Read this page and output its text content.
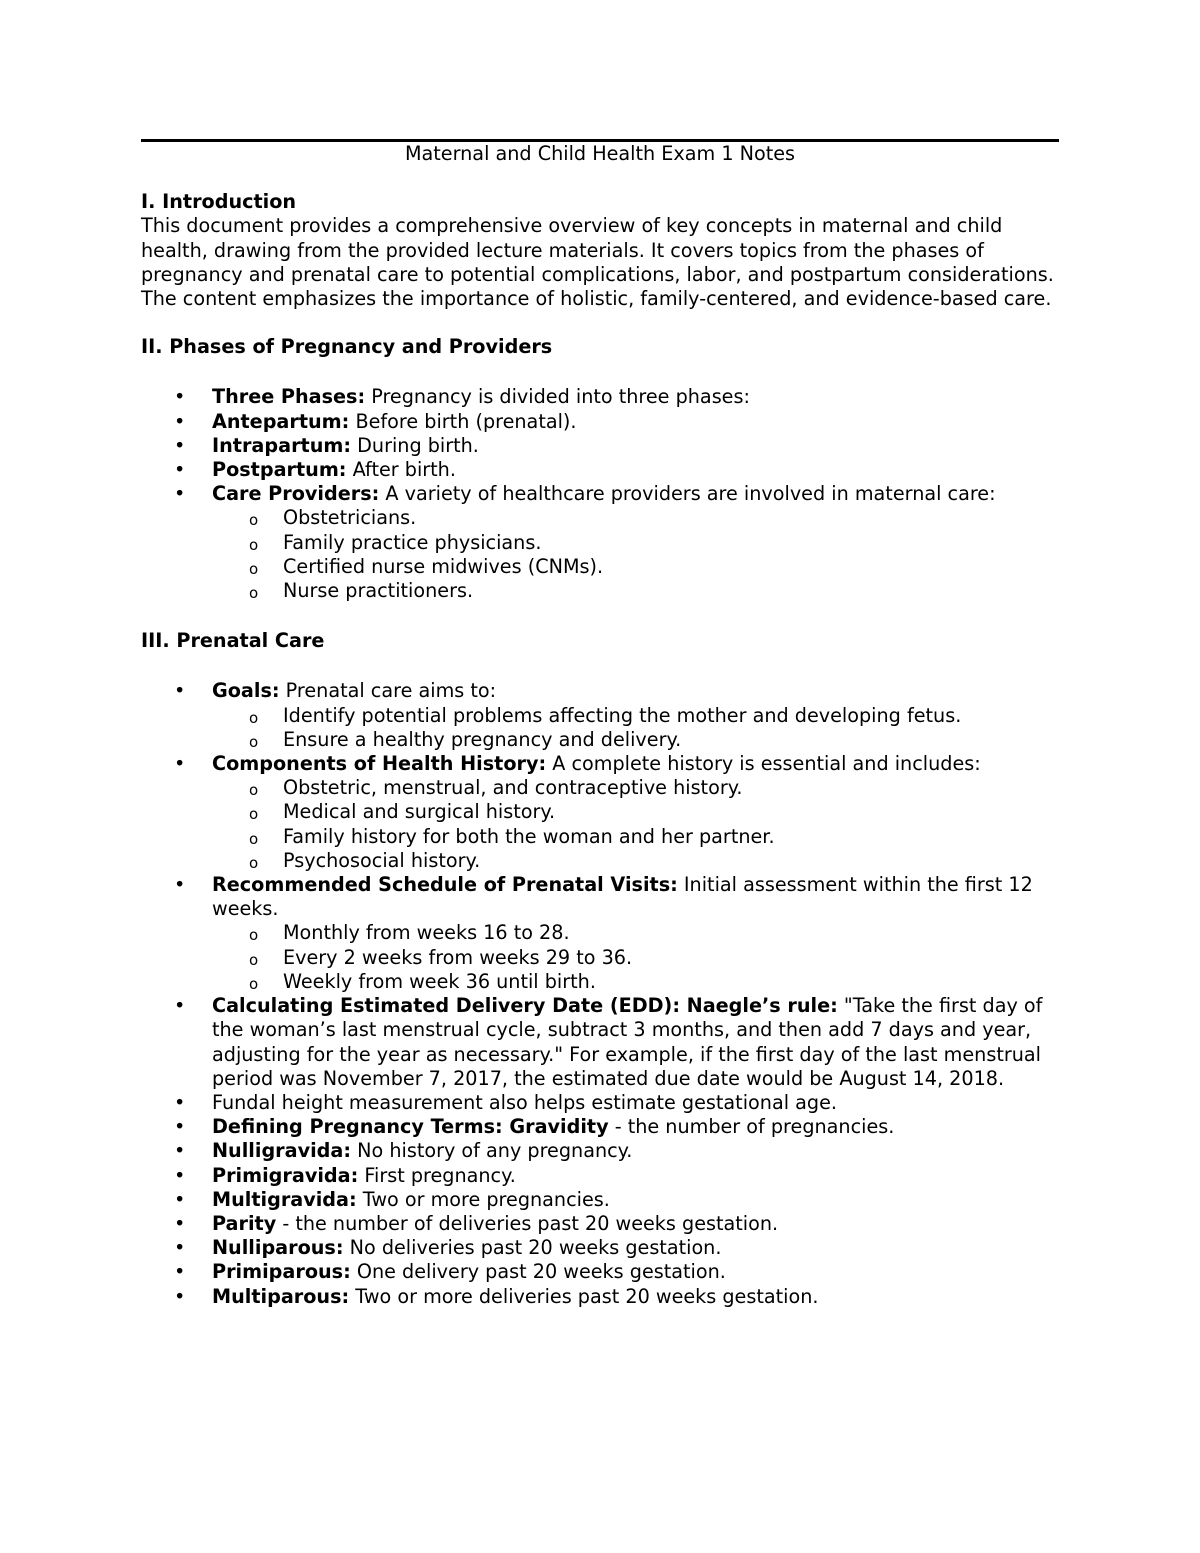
Maternal and Child Health Exam 1 Notes
I. Introduction

This document provides a comprehensive overview of key concepts in maternal and child health, drawing from the provided lecture materials. It covers topics from the phases of pregnancy and prenatal care to potential complications, labor, and postpartum considerations. The content emphasizes the importance of holistic, family-centered, and evidence-based care.

II. Phases of Pregnancy and Providers
• Three Phases: Pregnancy is divided into three phases:
• Antepartum: Before birth (prenatal).
• Intrapartum: During birth.
• Postpartum: After birth.
• Care Providers: A variety of healthcare providers are involved in maternal care:
o Obstetricians.
o Family practice physicians.
o Certified nurse midwives (CNMs).
o Nurse practitioners.
III. Prenatal Care
• Goals: Prenatal care aims to:
o Identify potential problems affecting the mother and developing fetus.
o Ensure a healthy pregnancy and delivery.
• Components of Health History: A complete history is essential and includes:
o Obstetric, menstrual, and contraceptive history.
o Medical and surgical history.
o Family history for both the woman and her partner.
o Psychosocial history.
• Recommended Schedule of Prenatal Visits: Initial assessment within the first 12 weeks.
o Monthly from weeks 16 to 28.
o Every 2 weeks from weeks 29 to 36.
o Weekly from week 36 until birth.
• Calculating Estimated Delivery Date (EDD): Naegle’s rule: "Take the first day of the woman’s last menstrual cycle, subtract 3 months, and then add 7 days and year, adjusting for the year as necessary." For example, if the first day of the last menstrual period was November 7, 2017, the estimated due date would be August 14, 2018.
• Fundal height measurement also helps estimate gestational age.
• Defining Pregnancy Terms: Gravidity - the number of pregnancies.
• Nulligravida: No history of any pregnancy.
• Primigravida: First pregnancy.
• Multigravida: Two or more pregnancies.
• Parity - the number of deliveries past 20 weeks gestation.
• Nulliparous: No deliveries past 20 weeks gestation.
• Primiparous: One delivery past 20 weeks gestation.
• Multiparous: Two or more deliveries past 20 weeks gestation.
